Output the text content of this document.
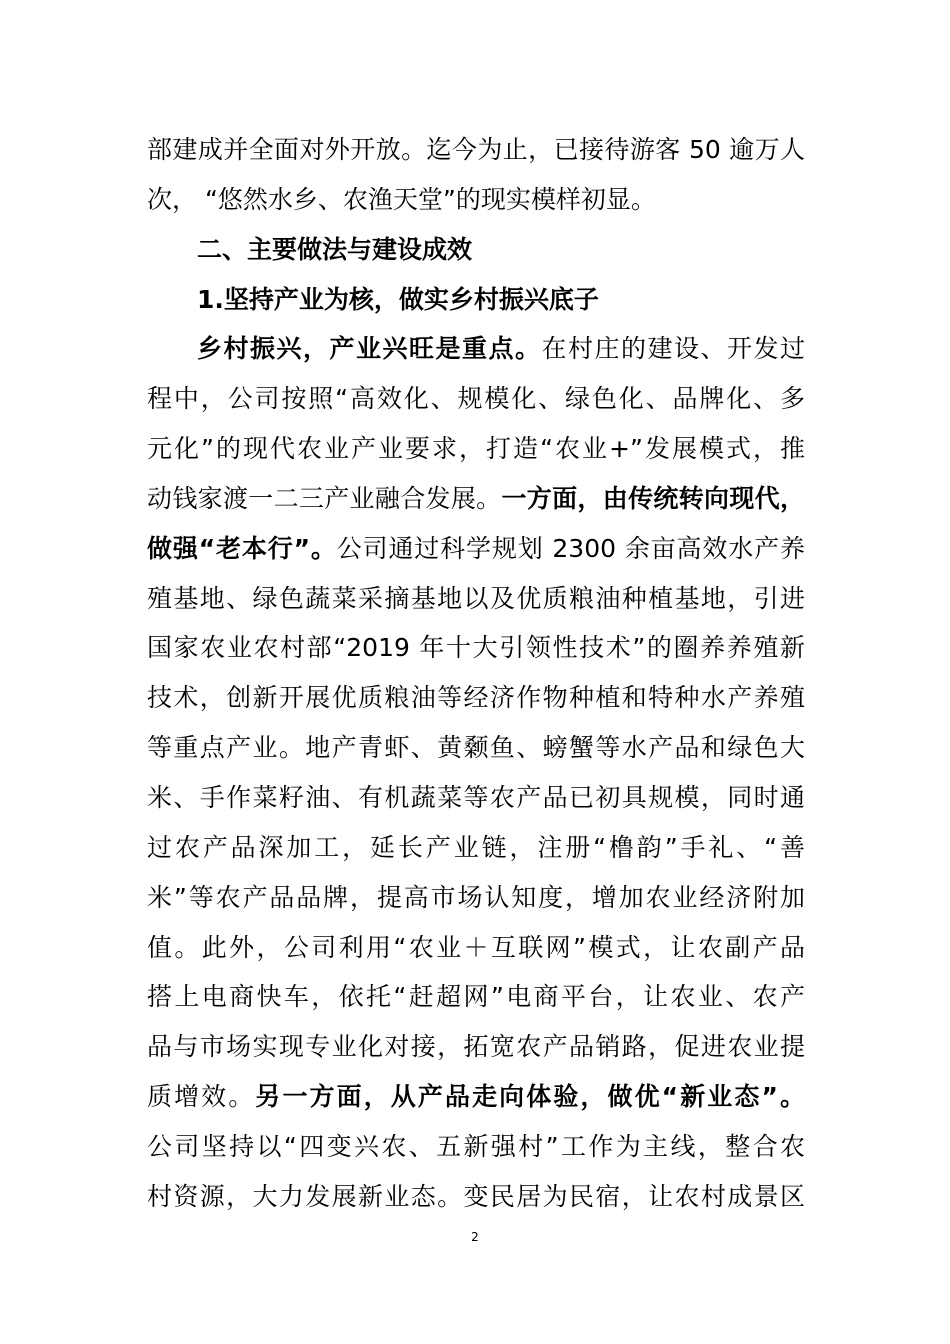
部建成并全面对外开放。迄今为止，已接待游客 50 逾万人
次， “悠然水乡、农渔天堂”的现实模样初显。
二、主要做法与建设成效
1.坚持产业为核，做实乡村振兴底子
乡村振兴，产业兴旺是重点。在村庄的建设、开发过
程中，公司按照“高效化、规模化、绿色化、品牌化、多
元化”的现代农业产业要求，打造“农业+”发展模式，推
动钱家渡一二三产业融合发展。一方面，由传统转向现代，
做强“老本行”。公司通过科学规划 2300 余亩高效水产养
殖基地、绿色蔬菜采摘基地以及优质粮油种植基地，引进
国家农业农村部“2019 年十大引领性技术”的圈养养殖新
技术，创新开展优质粮油等经济作物种植和特种水产养殖
等重点产业。地产青虾、黄颡鱼、螃蟹等水产品和绿色大
米、手作菜籽油、有机蔬菜等农产品已初具规模，同时通
过农产品深加工，延长产业链，注册“橹韵”手礼、“善
米”等农产品品牌，提高市场认知度，增加农业经济附加
值。此外，公司利用“农业＋互联网”模式，让农副产品
搭上电商快车，依托“赶超网”电商平台，让农业、农产
品与市场实现专业化对接，拓宽农产品销路，促进农业提
质增效。另一方面，从产品走向体验，做优“新业态”。
公司坚持以“四变兴农、五新强村”工作为主线，整合农
村资源，大力发展新业态。变民居为民宿，让农村成景区
2
